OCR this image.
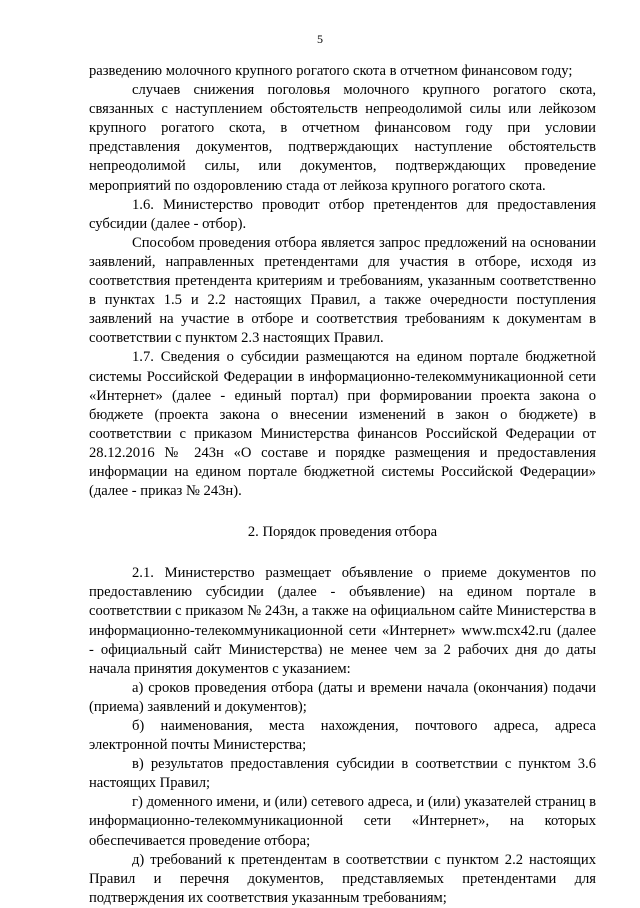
5

разведению молочного крупного рогатого скота в отчетном финансовом году;

случаев снижения поголовья молочного крупного рогатого скота, связанных с наступлением обстоятельств непреодолимой силы или лейкозом крупного рогатого скота, в отчетном финансовом году при условии представления документов, подтверждающих наступление обстоятельств непреодолимой силы, или документов, подтверждающих проведение мероприятий по оздоровлению стада от лейкоза крупного рогатого скота.

1.6. Министерство проводит отбор претендентов для предоставления субсидии (далее - отбор).

Способом проведения отбора является запрос предложений на основании заявлений, направленных претендентами для участия в отборе, исходя из соответствия претендента критериям и требованиям, указанным соответственно в пунктах 1.5 и 2.2 настоящих Правил, а также очередности поступления заявлений на участие в отборе и соответствия требованиям к документам в соответствии с пунктом 2.3 настоящих Правил.

1.7. Сведения о субсидии размещаются на едином портале бюджетной системы Российской Федерации в информационно-телекоммуникационной сети «Интернет» (далее - единый портал) при формировании проекта закона о бюджете (проекта закона о внесении изменений в закон о бюджете) в соответствии с приказом Министерства финансов Российской Федерации от 28.12.2016 № 243н «О составе и порядке размещения и предоставления информации на едином портале бюджетной системы Российской Федерации» (далее - приказ № 243н).

2. Порядок проведения отбора

2.1. Министерство размещает объявление о приеме документов по предоставлению субсидии (далее - объявление) на едином портале в соответствии с приказом № 243н, а также на официальном сайте Министерства в информационно-телекоммуникационной сети «Интернет» www.mcx42.ru (далее - официальный сайт Министерства) не менее чем за 2 рабочих дня до даты начала принятия документов с указанием:

а) сроков проведения отбора (даты и времени начала (окончания) подачи (приема) заявлений и документов);

б) наименования, места нахождения, почтового адреса, адреса электронной почты Министерства;

в) результатов предоставления субсидии в соответствии с пунктом 3.6 настоящих Правил;

г) доменного имени, и (или) сетевого адреса, и (или) указателей страниц в информационно-телекоммуникационной сети «Интернет», на которых обеспечивается проведение отбора;

д) требований к претендентам в соответствии с пунктом 2.2 настоящих Правил и перечня документов, представляемых претендентами для подтверждения их соответствия указанным требованиям;
